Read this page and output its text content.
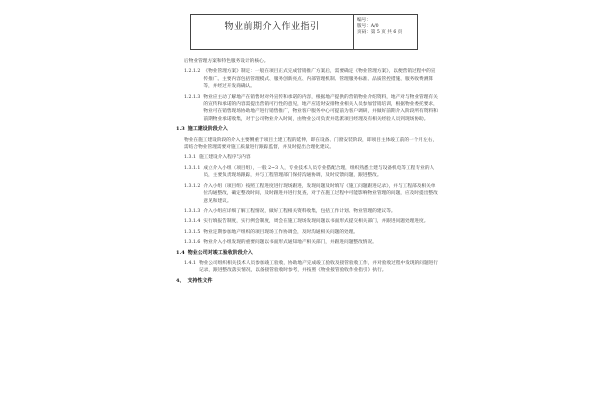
物业前期介入作业指引
编号：
版号：A/0
页码：第 5 页 共 6 页
后物业管理方案和特色服务设计的核心。
1.2.1.2 《物业管理方案》制定：一般在项目正式完成营销推广方案后，需要确定《物业管理方案》，以便营销过程中的宣传推广。主要内容包括管理模式、服务创新亮点、内部管理机制、管理服务标准、品质管控措施、服务收费测算等，并经过开发商确认。
1.2.1.3 物业应主动了解地产在销售时对外宣传和承诺的内容，根据地产提供的营销物业介绍资料，地产对与物业管理有关的宣传和承诺的内容需提出营销可行性的意见，地产应适时安排物业相关人员参加营销培训，根据物业委托要求，物业可在销售现场协助地产进行销售推广，物业客户服务中心可提前为客户调研，并做好前期介入阶段所有资料和前期物业承诺收集，对于公司物业介入时间，由物业公司负责并选派项目经理及有相关经验人员到现场协助。
1.3 施工建设阶段介入
物业在施工建设阶段的介入主要侧重于项目土建工程的延伸，即在设备、门窗安装阶段，即项目主体竣工前的一个月左右，需结合物业管理需要对施工质量进行跟踪监督，并及时提出合理化建议。
1.3.1 施工建设介入程序与内容
1.3.1.1 成立介入小组（项目组），一般 2~3 人，专业技术人员专业搭配合理，组织熟悉土建与设备机电等工程专业的人员，主要负责现场跟踪，并与工程管理部门保持沟通协调，及时反馈问题，跟进整改。
1.3.1.2 介入小组（项目组）按照工程进度进行现场跟进，发现问题及时填写《施工问题跟进记录》，并与工程部及相关单位沟通整改，确定整改时间，及时跟进并进行复查，对于在施工过程中可能影响物业管理的问题，应及时提出整改意见和建议。
1.3.1.3 介入小组应详细了解工程情况，做好工程相关资料收集，包括工作计划、物业管理的建议等。
1.3.1.4 实行填报告制度，实行例会制度，周会在施工现场发现问题以书面形式提交相关部门，并跟进问题处理进度。
1.3.1.5 物业定期参加地产组织的项目现场工作协调会，及时沟通相关问题的处理。
1.3.1.6 物业介入小组发现的重要问题以书面形式通知地产相关部门，并跟进问题整改情况。
1.4 物业公司对竣工验收阶段介入
1.4.1 物业公司组织相关技术人员参加竣工验收，协助地产完成竣工验收及接管验收工作，并对验收过程中发现的问题进行记录，跟进整改落实情况，以备接管验收时参考，并按照《物业接管验收作业指引》执行。
4、 支持性文件
